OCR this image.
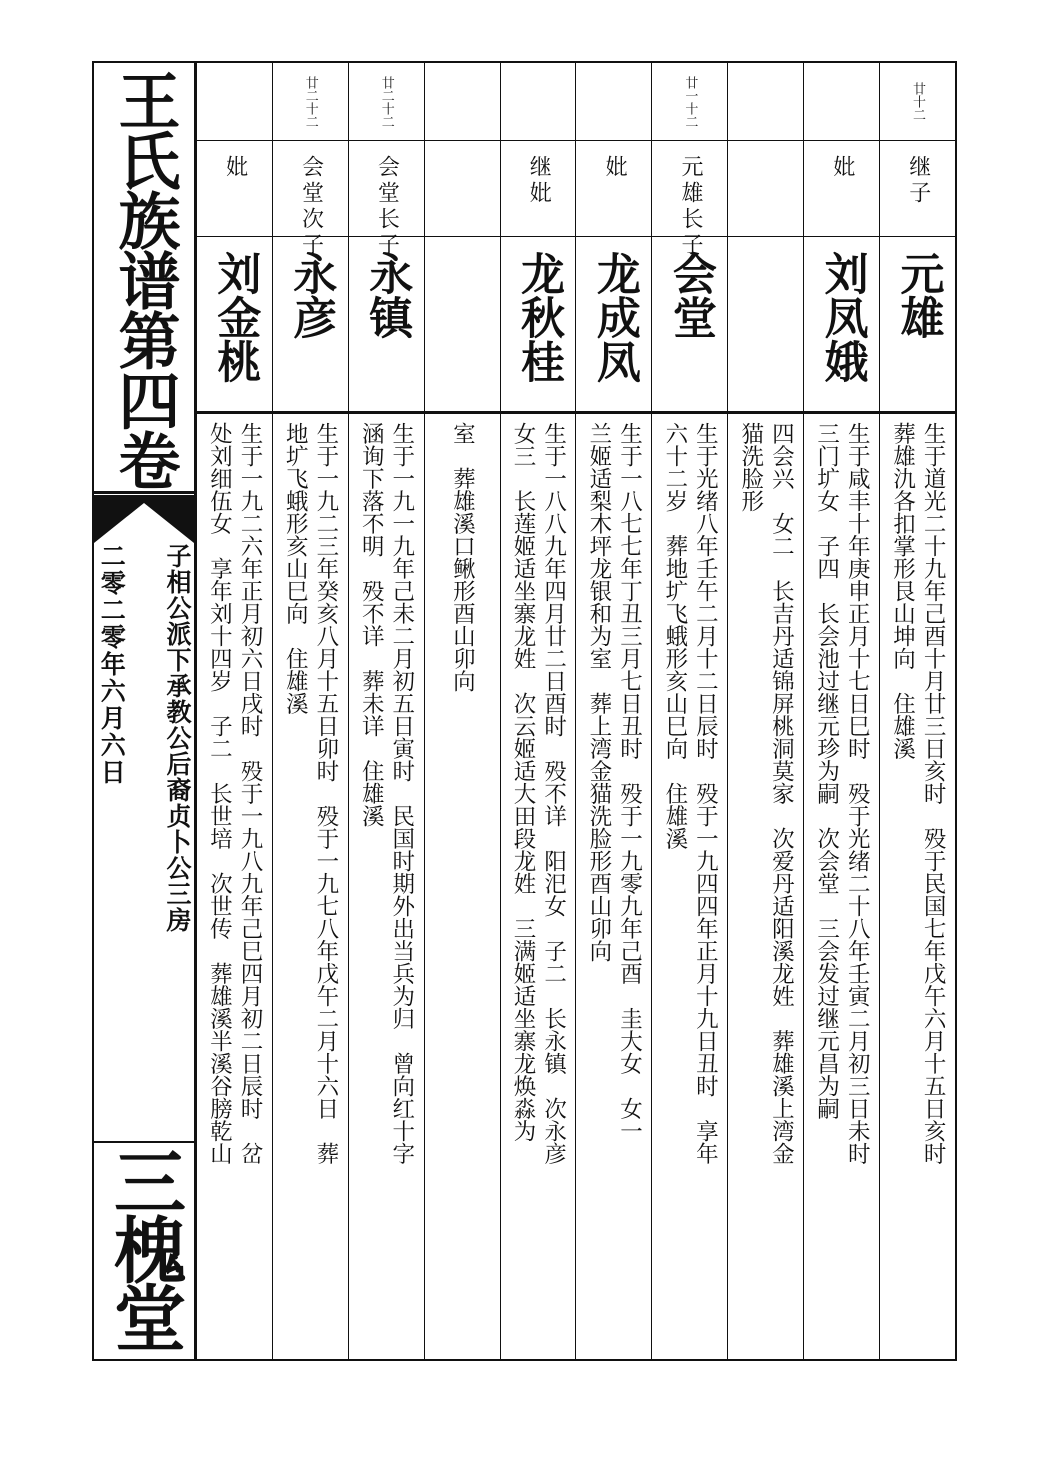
王氏族谱第四卷
子相公派下承教公后裔贞卜公三房
二零二零年六月六日
三槐堂
廿十二
继子
元雄
生于道光二十九年己酉十月廿三日亥时　殁于民国七年戊午六月十五日亥时
葬雄氿各扣掌形艮山坤向　住雄溪
妣
刘凤娥
生于咸丰十年庚申正月十七日巳时　殁于光绪二十八年壬寅二月初三日未时
三门圹女　子四　长会池过继元珍为嗣　次会堂　三会发过继元昌为嗣
四会兴　女二　长吉丹适锦屏桃洞莫家　次爱丹适阳溪龙姓　葬雄溪上湾金
猫洗脸形
廿一十二
元雄长子
会堂
生于光绪八年壬午二月十二日辰时　殁于一九四四年正月十九日丑时　享年
六十二岁　葬地圹飞蛾形亥山巳向　住雄溪
妣
龙成凤
生于一八七七年丁丑三月七日丑时　殁于一九零九年己酉　圭大女　女一
兰姬适梨木坪龙银和为室　葬上湾金猫洗脸形酉山卯向
继妣
龙秋桂
生于一八八九年四月廿二日酉时　殁不详　阳汜女　子二　长永镇　次永彦
女三　长莲姬适坐寨龙姓　次云姬适大田段龙姓　三满姬适坐寨龙焕淼为
室　葬雄溪口鳅形酉山卯向
廿二十二
会堂长子
永镇
生于一九一九年己未二月初五日寅时　民国时期外出当兵为归　曾向红十字
涵询下落不明　殁不详　葬未详　住雄溪
廿二十二
会堂次子
永彦
生于一九二三年癸亥八月十五日卯时　殁于一九七八年戊午二月十六日　葬
地圹飞蛾形亥山巳向　住雄溪
妣
刘金桃
生于一九二六年正月初六日戌时　殁于一九八九年己巳四月初二日辰时　岔
处刘细伍女　享年刘十四岁　子二　长世培　次世传　葬雄溪半溪谷膀乾山
